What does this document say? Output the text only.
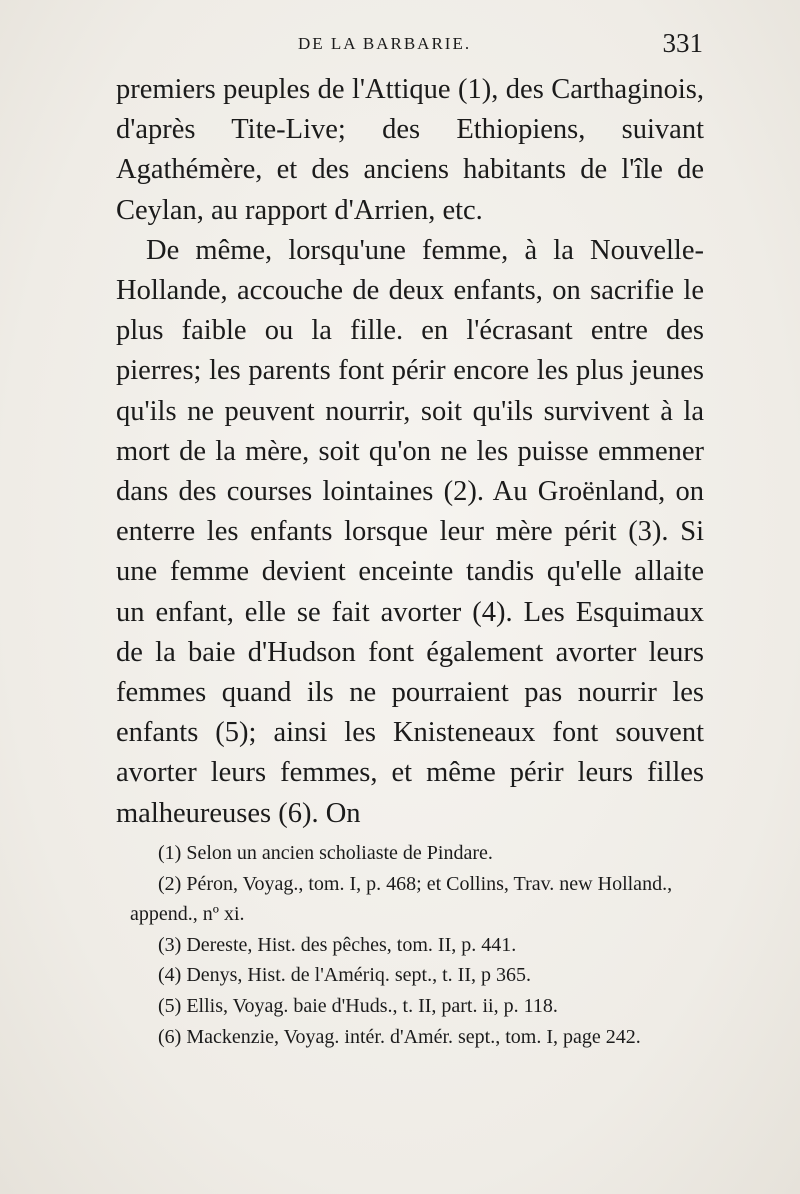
DE LA BARBARIE.	331

premiers peuples de l'Attique (1), des Carthaginois, d'après Tite-Live; des Ethiopiens, suivant Agathémère, et des anciens habitants de l'île de Ceylan, au rapport d'Arrien, etc.

De même, lorsqu'une femme, à la Nouvelle-Hollande, accouche de deux enfants, on sacrifie le plus faible ou la fille. en l'écrasant entre des pierres; les parents font périr encore les plus jeunes qu'ils ne peuvent nourrir, soit qu'ils survivent à la mort de la mère, soit qu'on ne les puisse emmener dans des courses lointaines (2). Au Groënland, on enterre les enfants lorsque leur mère périt (3). Si une femme devient enceinte tandis qu'elle allaite un enfant, elle se fait avorter (4). Les Esquimaux de la baie d'Hudson font également avorter leurs femmes quand ils ne pourraient pas nourrir les enfants (5); ainsi les Knisteneaux font souvent avorter leurs femmes, et même périr leurs filles malheureuses (6). On

(1) Selon un ancien scholiaste de Pindare.

(2) Péron, Voyag., tom. I, p. 468; et Collins, Trav. new Holland., append., nº xi.

(3) Dereste, Hist. des pêches, tom. II, p. 441.

(4) Denys, Hist. de l'Amériq. sept., t. II, p 365.

(5) Ellis, Voyag. baie d'Huds., t. II, part. ii, p. 118.

(6) Mackenzie, Voyag. intér. d'Amér. sept., tom. I, page 242.
